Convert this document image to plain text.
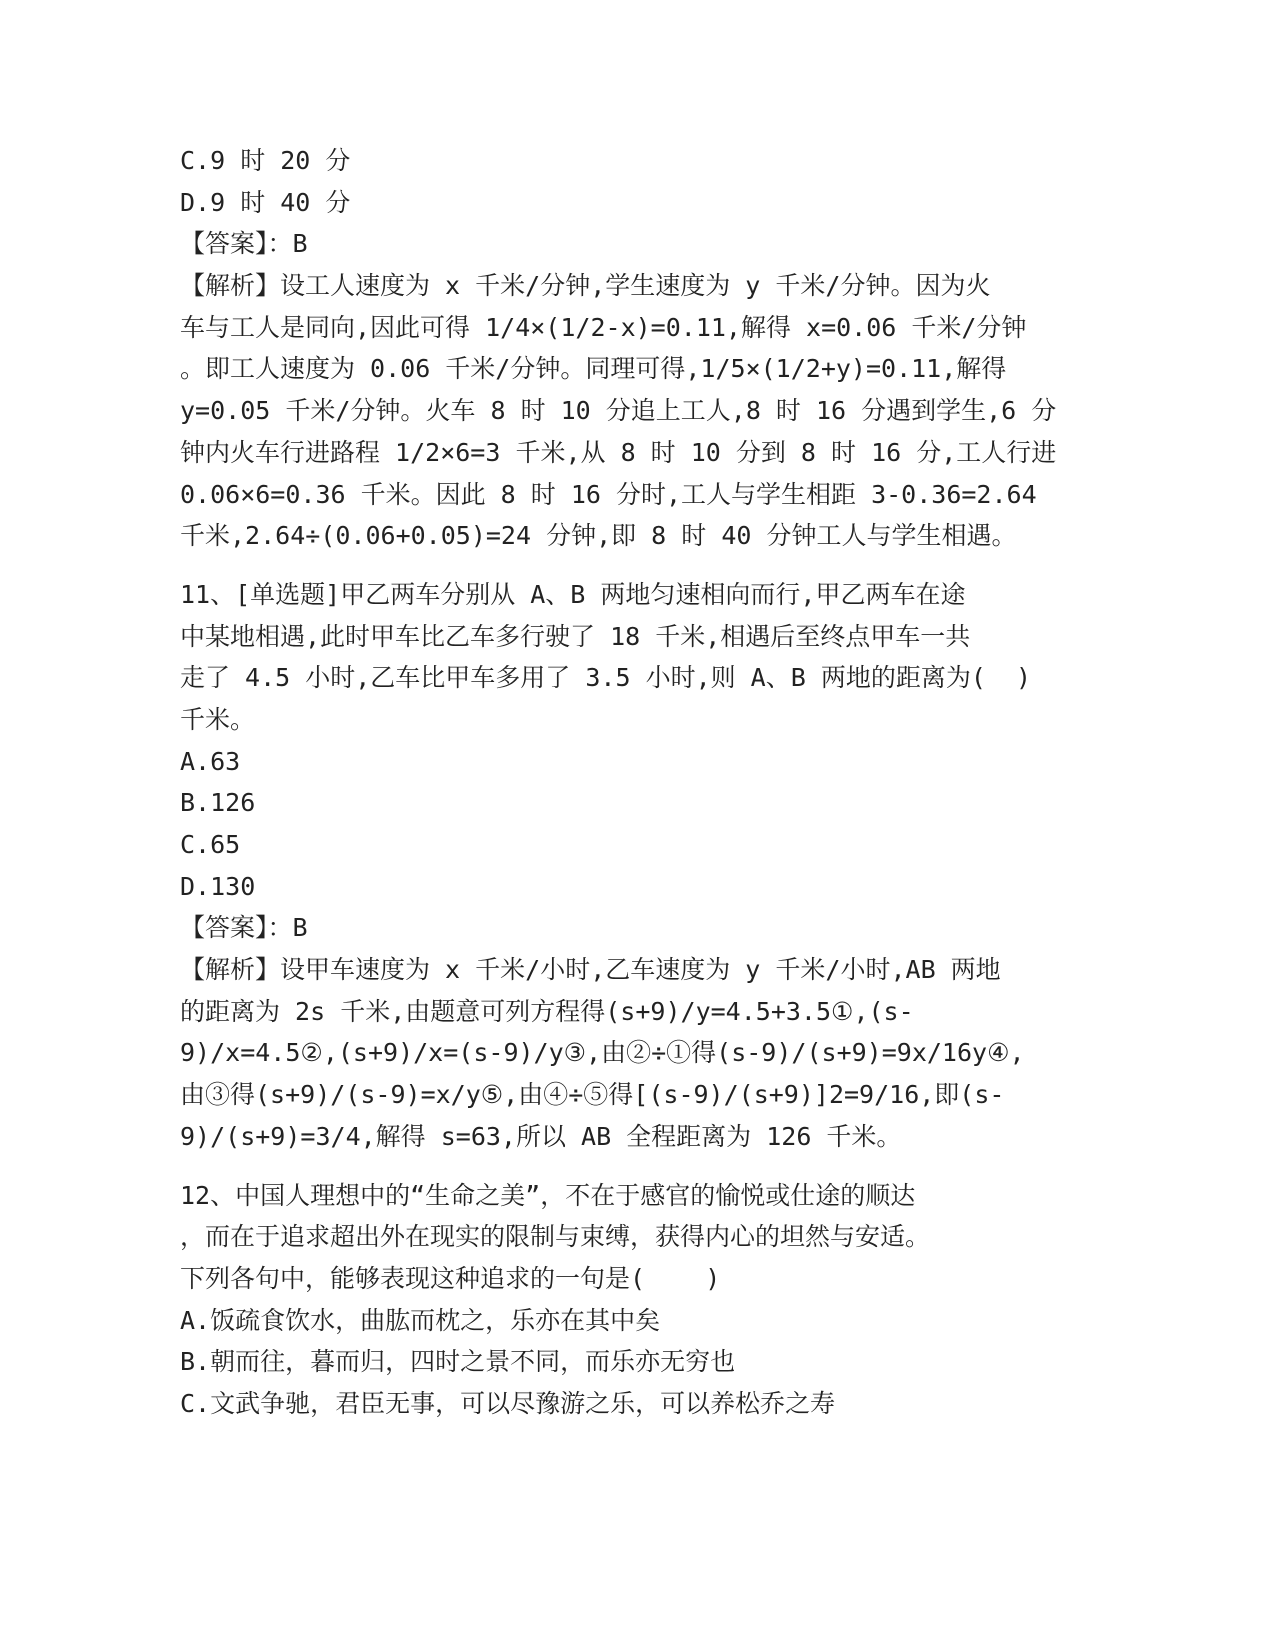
C.9 时 20 分
D.9 时 40 分
【答案】：B
【解析】设工人速度为 x 千米/分钟,学生速度为 y 千米/分钟。因为火
车与工人是同向,因此可得 1/4×(1/2-x)=0.11,解得 x=0.06 千米/分钟
。即工人速度为 0.06 千米/分钟。同理可得,1/5×(1/2+y)=0.11,解得
y=0.05 千米/分钟。火车 8 时 10 分追上工人,8 时 16 分遇到学生,6 分
钟内火车行进路程 1/2×6=3 千米,从 8 时 10 分到 8 时 16 分,工人行进
0.06×6=0.36 千米。因此 8 时 16 分时,工人与学生相距 3-0.36=2.64
千米,2.64÷(0.06+0.05)=24 分钟,即 8 时 40 分钟工人与学生相遇。
11、[单选题]甲乙两车分别从 A、B 两地匀速相向而行,甲乙两车在途
中某地相遇,此时甲车比乙车多行驶了 18 千米,相遇后至终点甲车一共
走了 4.5 小时,乙车比甲车多用了 3.5 小时,则 A、B 两地的距离为(  )
千米。
A.63
B.126
C.65
D.130
【答案】：B
【解析】设甲车速度为 x 千米/小时,乙车速度为 y 千米/小时,AB 两地
的距离为 2s 千米,由题意可列方程得(s+9)/y=4.5+3.5①,(s-
9)/x=4.5②,(s+9)/x=(s-9)/y③,由②÷①得(s-9)/(s+9)=9x/16y④,
由③得(s+9)/(s-9)=x/y⑤,由④÷⑤得[(s-9)/(s+9)]2=9/16,即(s-
9)/(s+9)=3/4,解得 s=63,所以 AB 全程距离为 126 千米。
12、中国人理想中的“生命之美”，不在于感官的愉悦或仕途的顺达
，而在于追求超出外在现实的限制与束缚，获得内心的坦然与安适。
下列各句中，能够表现这种追求的一句是(    )
A.饭疏食饮水，曲肱而枕之，乐亦在其中矣
B.朝而往，暮而归，四时之景不同，而乐亦无穷也
C.文武争驰，君臣无事，可以尽豫游之乐，可以养松乔之寿
